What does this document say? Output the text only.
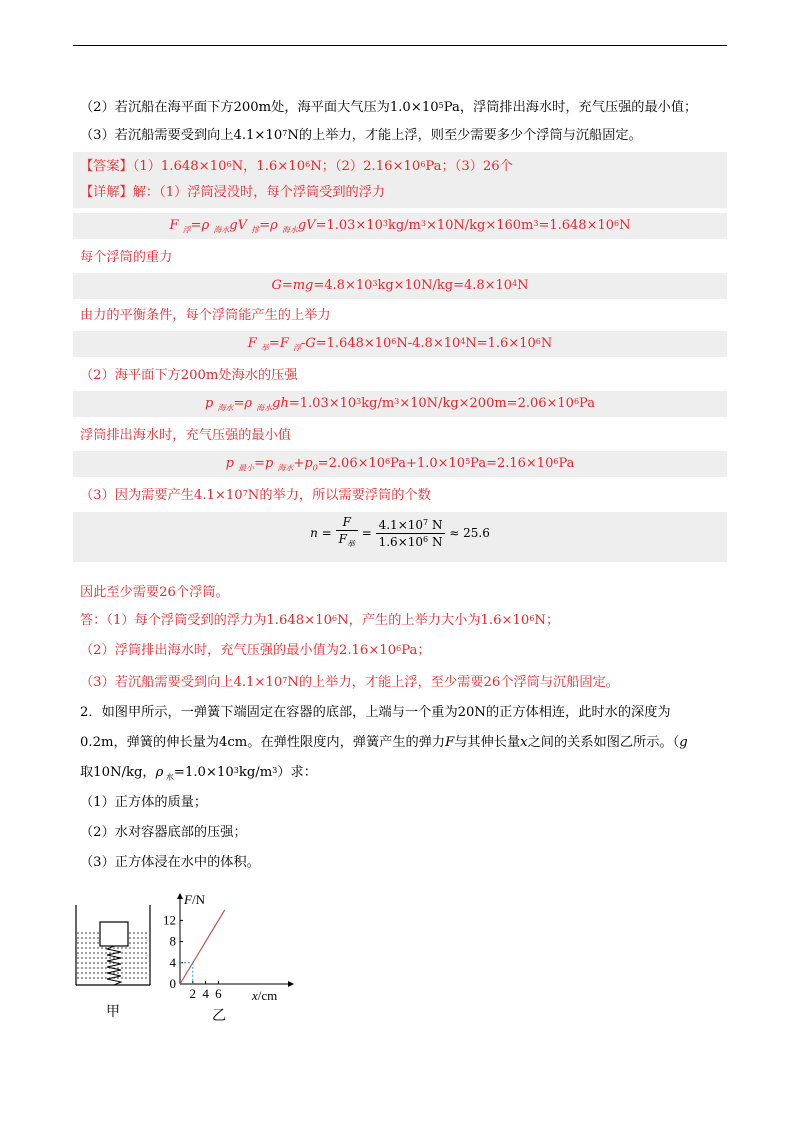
（2）若沉船在海平面下方200m处，海平面大气压为$1.0\times 10^5Pa$，浮筒排出海水时，充气压强的最小值；
（3）若沉船需要受到向上$4.1\times 10^7N$的上举力，才能上浮，则至少需要多少个浮筒与沉船固定。
【答案】$(1)1.648\times 10^6N$，$1.6\times 10^6N$；$(2)2.16\times 10^6Pa$；（3）26个
【详解】解：（1）浮筒浸没时，每个浮筒受到的浮力
F $_浮$=ρ $_{海水}$gV $_排$=ρ $_{海水}gV=1.03\times 10^3kg/m^3\times 10N/kg\times 160m^3=1.648\times 10^6N$
每个浮筒的重力
$G=mg=4.8\times 10^3kg\times 10N/kg=4.8\times 10^4N$
由力的平衡条件，每个浮筒能产生的上举力
F $_举$=F $_浮-G=1.648\times 10^6N-4.8\times 10^4N=1.6\times 10^6N$
（2）海平面下方200m处海水的压强
p $_{海水}$=ρ $_{海水}gh=1.03\times 10^3kg/m^3\times 10N/kg\times 200m=2.06\times 10^6Pa$
浮筒排出海水时，充气压强的最小值
p $_{最小}$=p $_{海水}+p_0=2.06\times 10^6Pa+1.0\times 10^5Pa=2.16\times 10^6Pa$
（3）因为需要产生$4.1\times 10^7N$的举力，所以需要浮筒的个数
$n = \frac{F}{F_举} = \frac{4.1\times 10^7 N}{1.6\times 10^6 N} \approx 25.6$
因此至少需要26个浮筒。
答：（1）每个浮筒受到的浮力为$1.648\times 10^6N$，产生的上举力大小为$1.6\times 10^6N$；
（2）浮筒排出海水时，充气压强的最小值为$2.16\times 10^6Pa$；
（3）若沉船需要受到向上$4.1\times 10^7N$的上举力，才能上浮，至少需要26个浮筒与沉船固定。
2．如图甲所示，一弹簧下端固定在容器的底部，上端与一个重为20N的正方体相连，此时水的深度为
0.2m，弹簧的伸长量为4cm。在弹性限度内，弹簧产生的弹力F与其伸长量x之间的关系如图乙所示。（g
取10N/kg，ρ $_水=1.0\times 10^3kg/m^3$）求：
（1）正方体的质量；
（2）水对容器底部的压强；
（3）正方体浸在水中的体积。
甲
F/N
x/cm
0
4
8
12
2 4 6
乙
